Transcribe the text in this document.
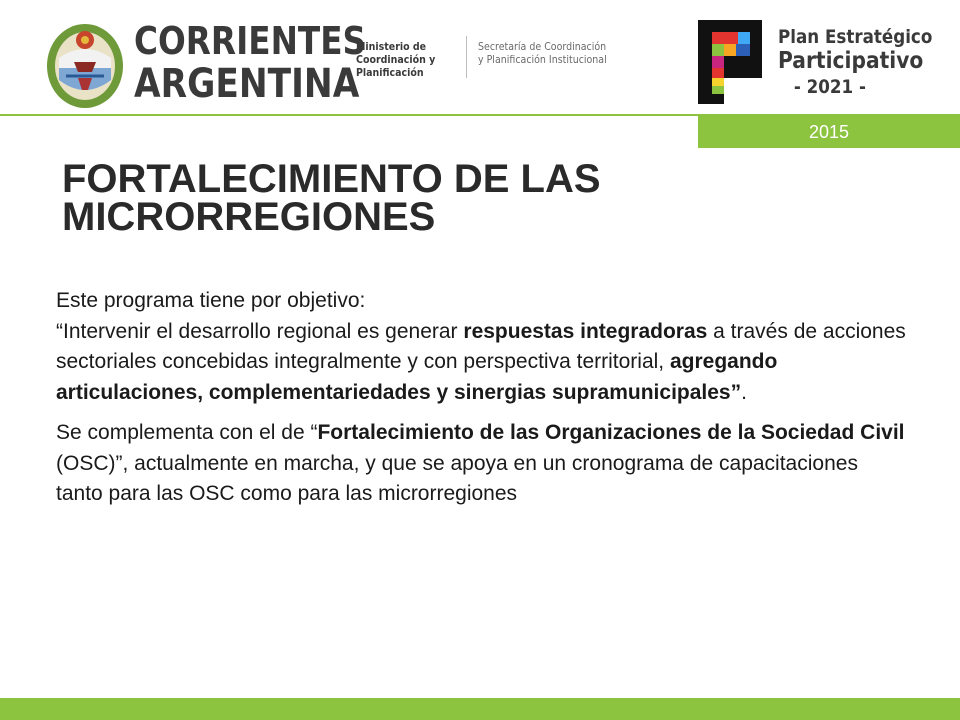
CORRIENTES
ARGENTINA
Ministerio de
Coordinación y
Planificación
Secretaría de Coordinación
y Planificación Institucional
Plan Estratégico
Participativo
- 2021 -
2015
FORTALECIMIENTO DE LAS MICRORREGIONES

Este programa tiene por objetivo:
“Intervenir el desarrollo regional es generar respuestas integradoras a través de acciones sectoriales concebidas integralmente y con perspectiva territorial, agregando articulaciones, complementariedades y sinergias supramunicipales”.

Se complementa con el de “Fortalecimiento de las Organizaciones de la Sociedad Civil (OSC)”, actualmente en marcha, y que se apoya en un cronograma de capacitaciones tanto para las OSC como para las microrregiones
